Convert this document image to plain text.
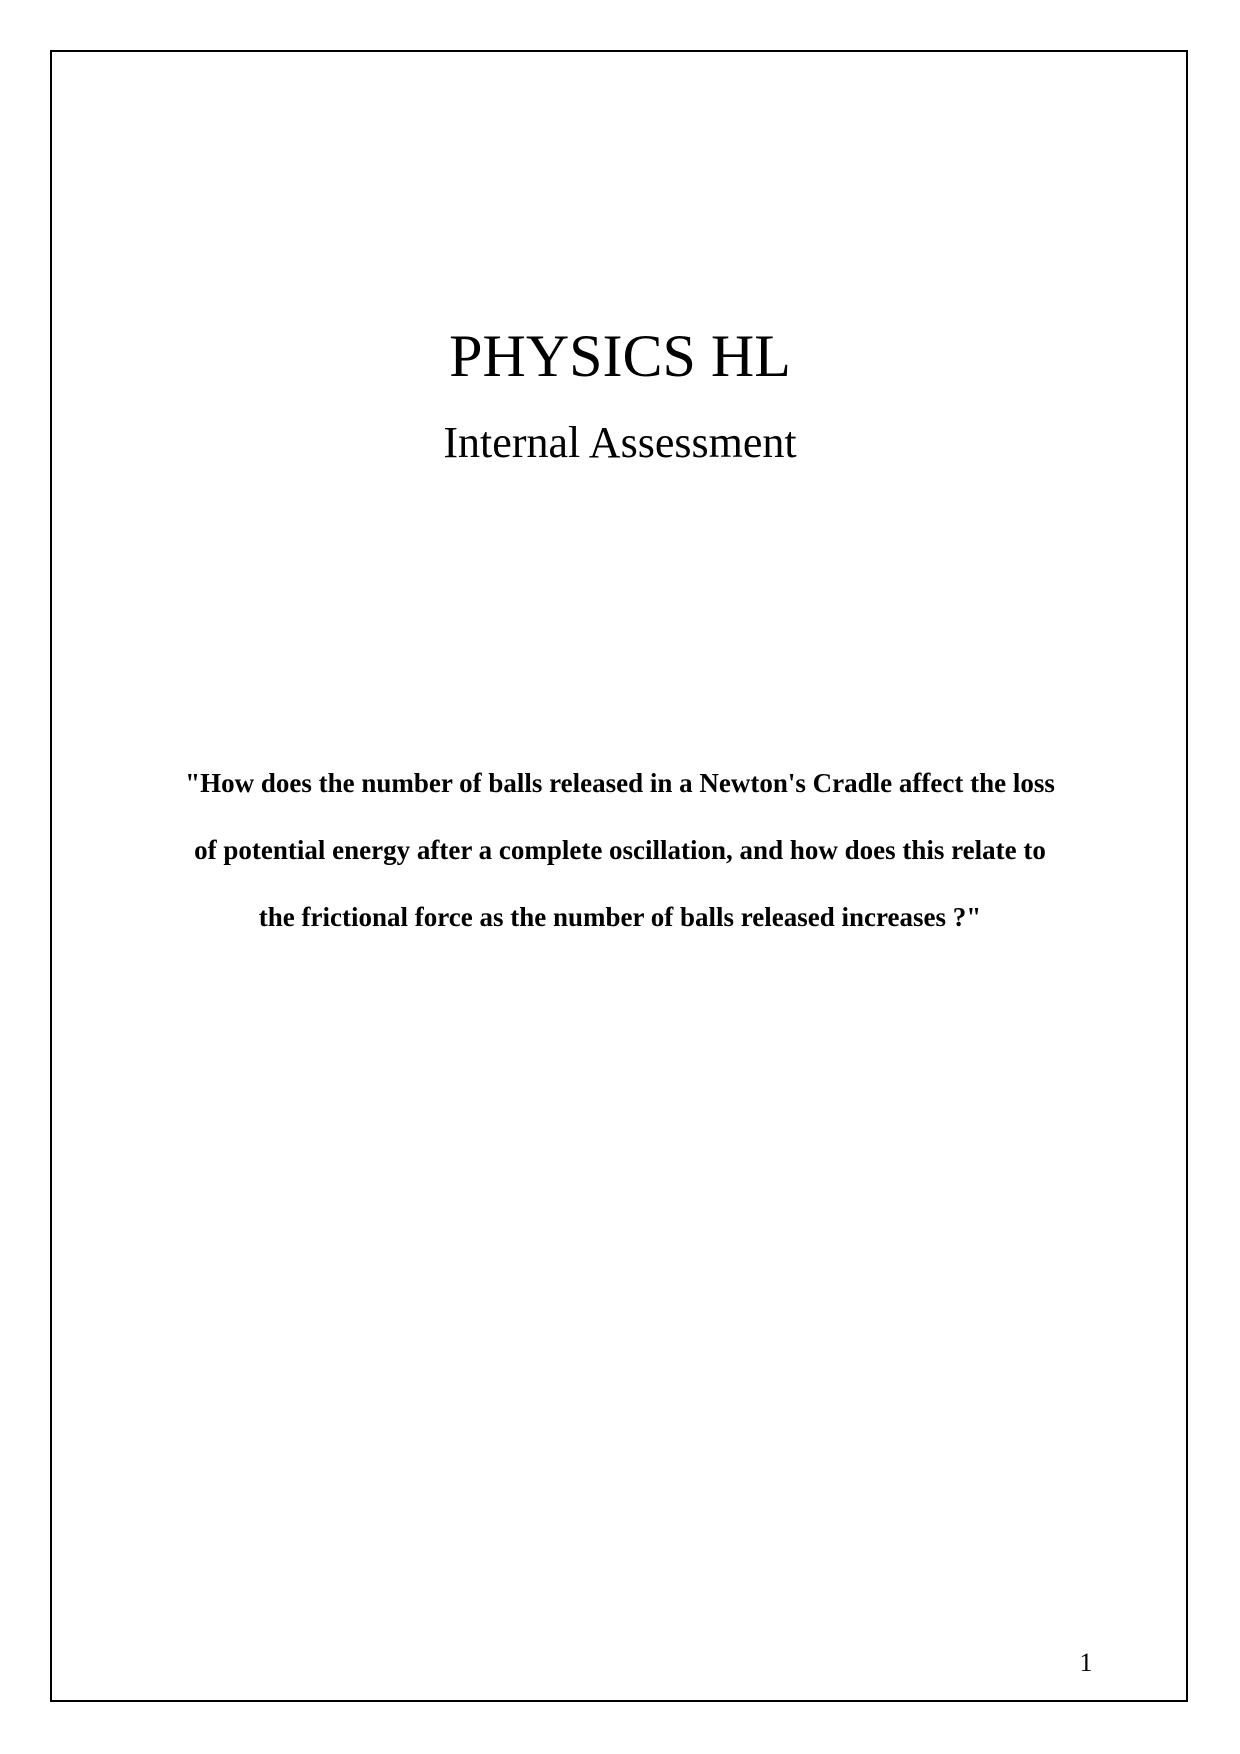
PHYSICS HL
Internal Assessment
"How does the number of balls released in a Newton's Cradle affect the loss
of potential energy after a complete oscillation, and how does this relate to
the frictional force as the number of balls released increases ?"
1
